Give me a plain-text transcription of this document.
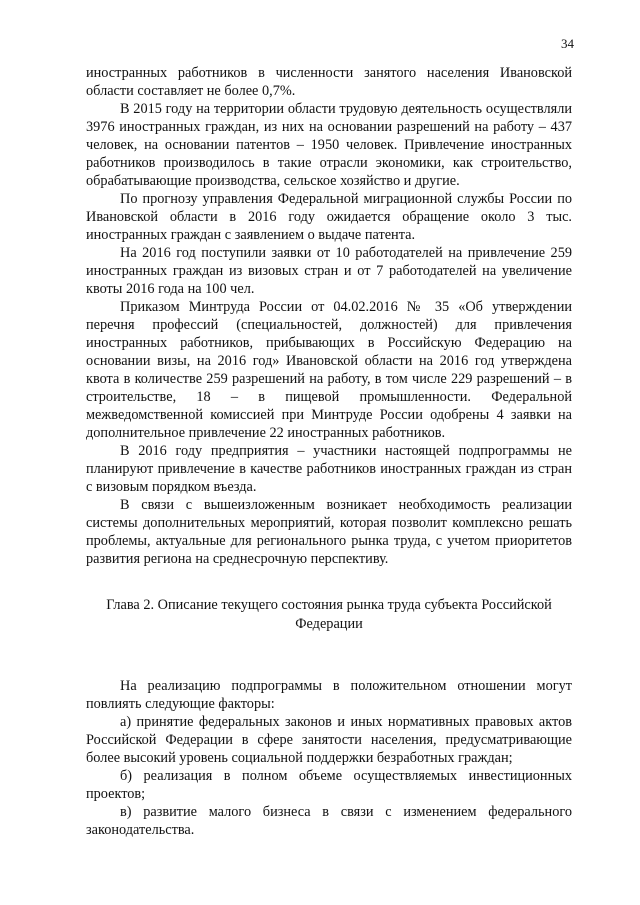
34

иностранных работников в численности занятого населения Ивановской области составляет не более 0,7%.

В 2015 году на территории области трудовую деятельность осуществляли 3976 иностранных граждан, из них на основании разрешений на работу – 437 человек, на основании патентов – 1950 человек. Привлечение иностранных работников производилось в такие отрасли экономики, как строительство, обрабатывающие производства, сельское хозяйство и другие.

По прогнозу управления Федеральной миграционной службы России по Ивановской области в 2016 году ожидается обращение около 3 тыс. иностранных граждан с заявлением о выдаче патента.

На 2016 год поступили заявки от 10 работодателей на привлечение 259 иностранных граждан из визовых стран и от 7 работодателей на увеличение квоты 2016 года на 100 чел.

Приказом Минтруда России от 04.02.2016 № 35 «Об утверждении перечня профессий (специальностей, должностей) для привлечения иностранных работников, прибывающих в Российскую Федерацию на основании визы, на 2016 год» Ивановской области на 2016 год утверждена квота в количестве 259 разрешений на работу, в том числе 229 разрешений – в строительстве, 18 – в пищевой промышленности. Федеральной межведомственной комиссией при Минтруде России одобрены 4 заявки на дополнительное привлечение 22 иностранных работников.

В 2016 году предприятия – участники настоящей подпрограммы не планируют привлечение в качестве работников иностранных граждан из стран с визовым порядком въезда.

В связи с вышеизложенным возникает необходимость реализации системы дополнительных мероприятий, которая позволит комплексно решать проблемы, актуальные для регионального рынка труда, с учетом приоритетов развития региона на среднесрочную перспективу.

Глава 2. Описание текущего состояния рынка труда субъекта Российской Федерации

На реализацию подпрограммы в положительном отношении могут повлиять следующие факторы:

а) принятие федеральных законов и иных нормативных правовых актов Российской Федерации в сфере занятости населения, предусматривающие более высокий уровень социальной поддержки безработных граждан;

б) реализация в полном объеме осуществляемых инвестиционных проектов;

в) развитие малого бизнеса в связи с изменением федерального законодательства.
